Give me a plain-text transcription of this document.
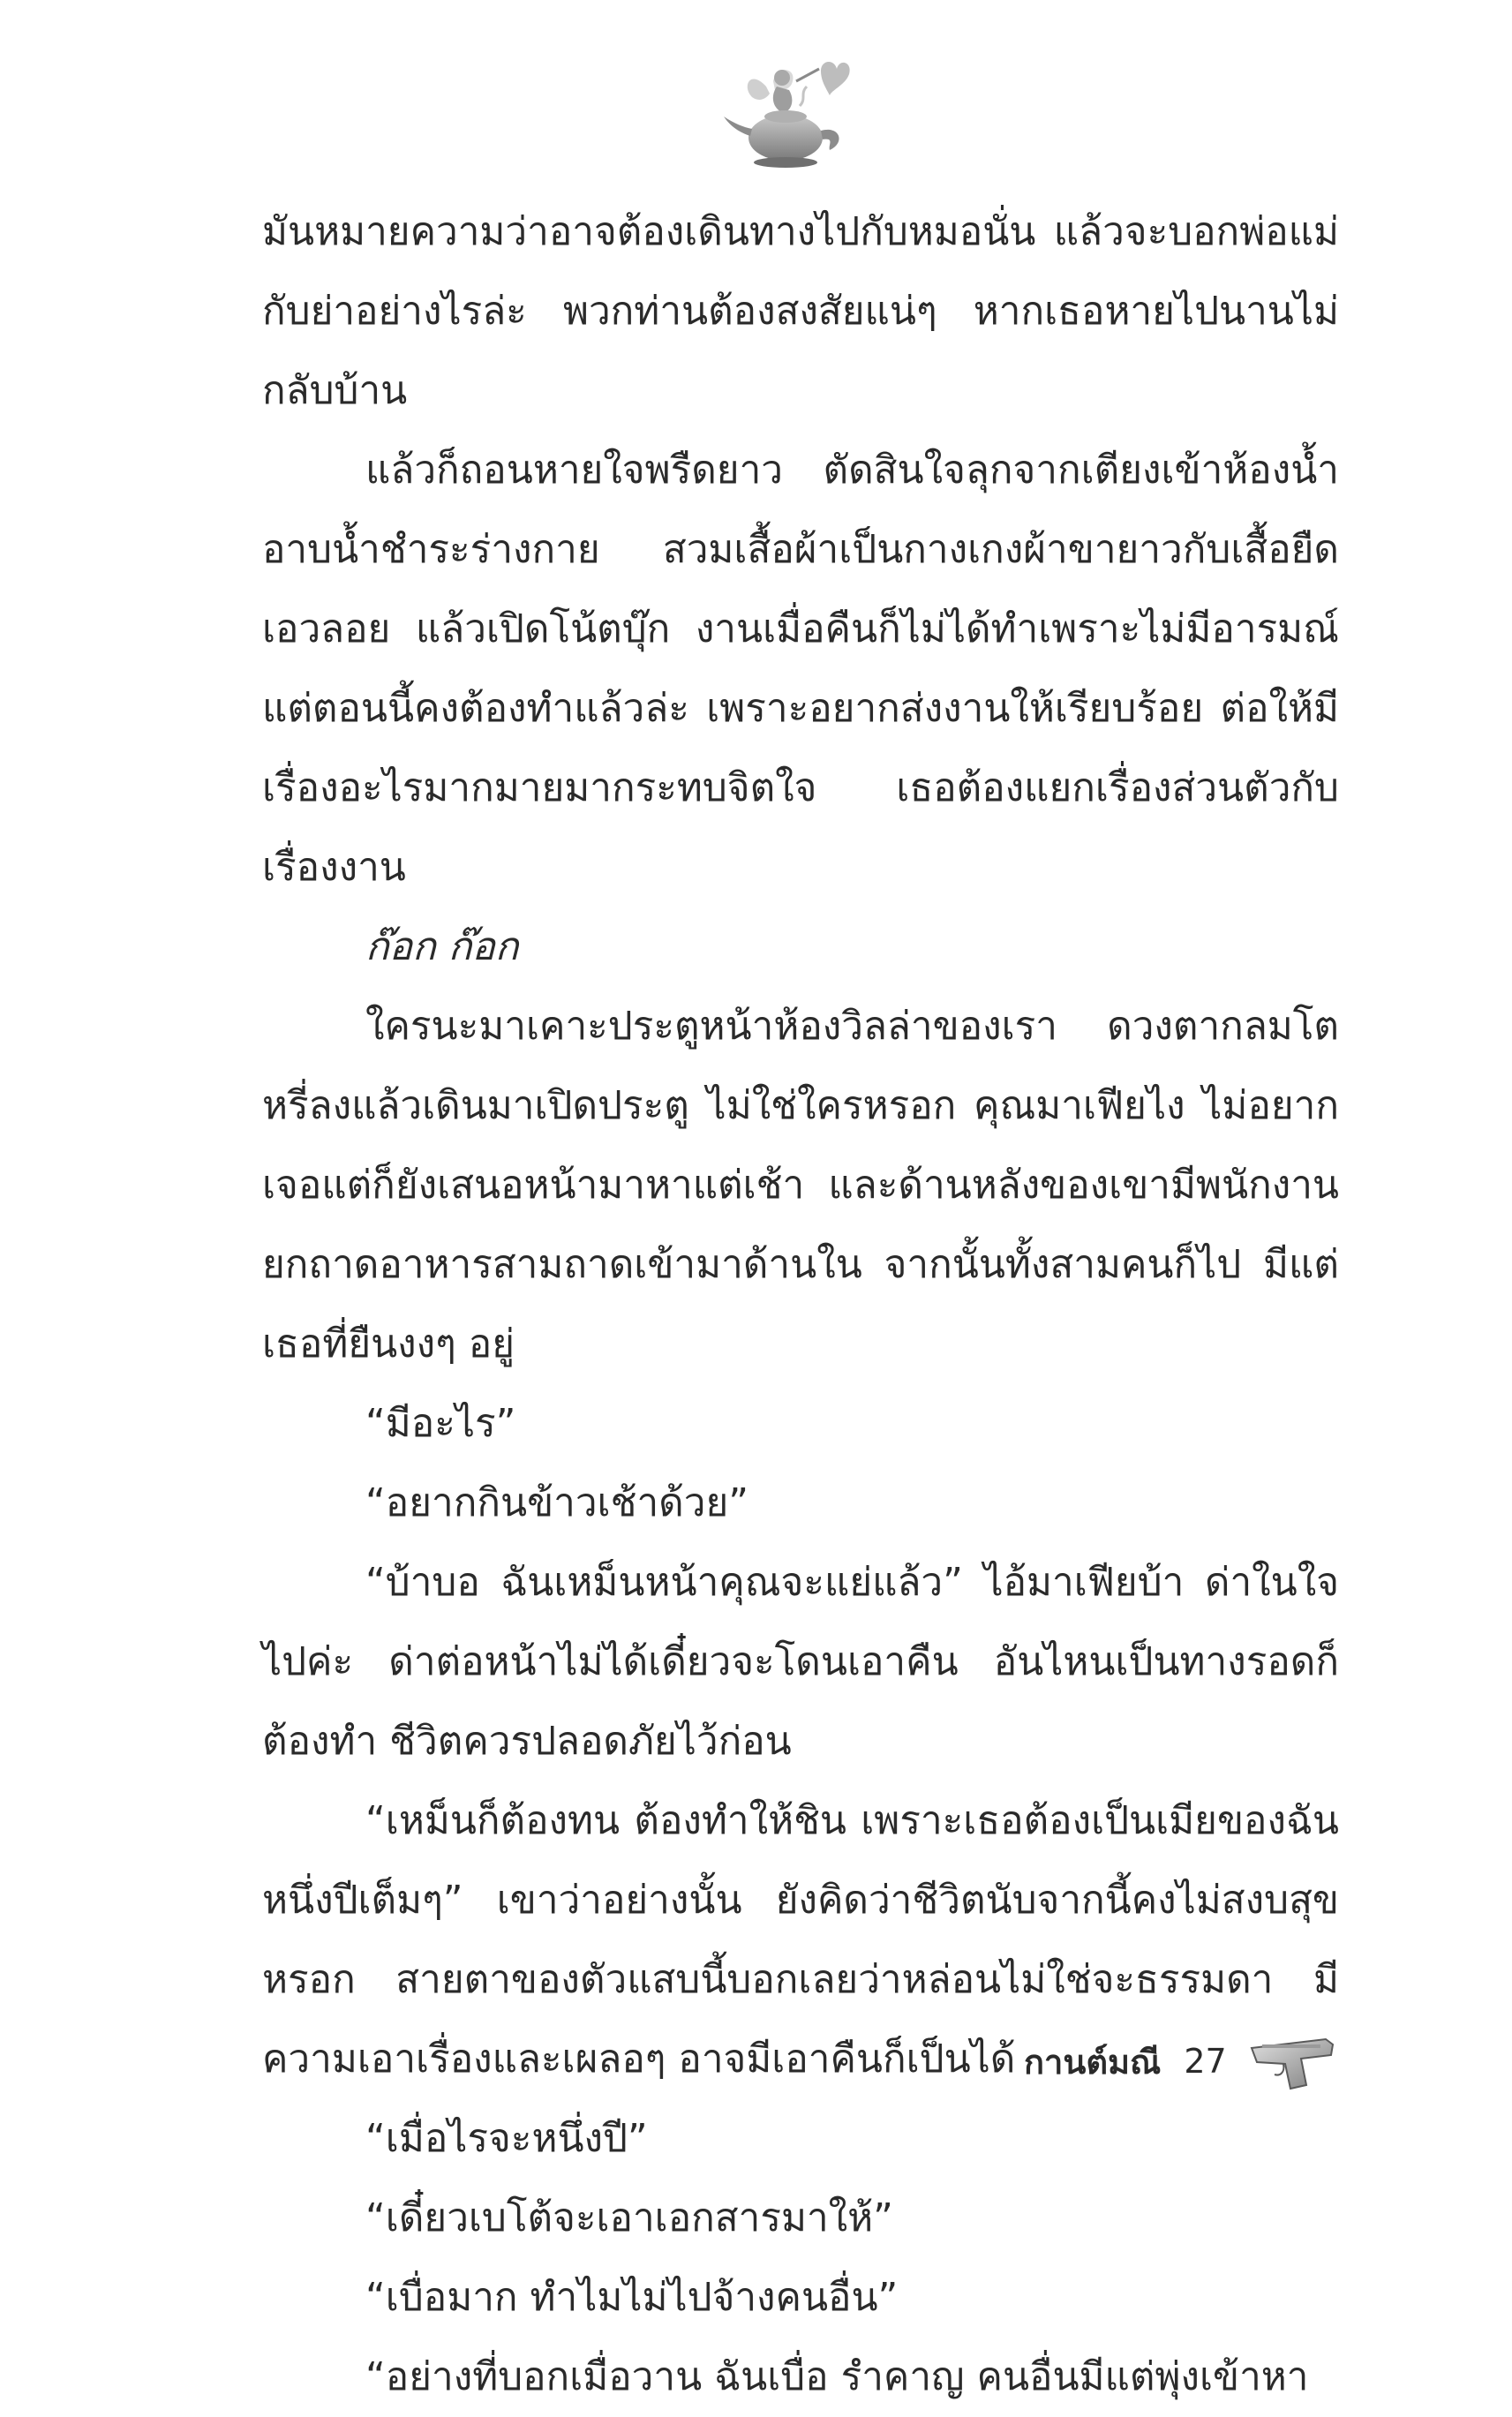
มันหมายความว่าอาจต้องเดินทางไปกับหมอนั่น แล้วจะบอกพ่อแม่กับย่าอย่างไรล่ะ พวกท่านต้องสงสัยแน่ๆ หากเธอหายไปนานไม่กลับบ้าน

แล้วก็ถอนหายใจพรืดยาว ตัดสินใจลุกจากเตียงเข้าห้องน้ำอาบน้ำชำระร่างกาย สวมเสื้อผ้าเป็นกางเกงผ้าขายาวกับเสื้อยืดเอวลอย แล้วเปิดโน้ตบุ๊ก งานเมื่อคืนก็ไม่ได้ทำเพราะไม่มีอารมณ์ แต่ตอนนี้คงต้องทำแล้วล่ะ เพราะอยากส่งงานให้เรียบร้อย ต่อให้มีเรื่องอะไรมากมายมากระทบจิตใจ เธอต้องแยกเรื่องส่วนตัวกับเรื่องงาน

ก๊อก ก๊อก

ใครนะมาเคาะประตูหน้าห้องวิลล่าของเรา ดวงตากลมโตหรี่ลงแล้วเดินมาเปิดประตู ไม่ใช่ใครหรอก คุณมาเฟียไง ไม่อยากเจอแต่ก็ยังเสนอหน้ามาหาแต่เช้า และด้านหลังของเขามีพนักงานยกถาดอาหารสามถาดเข้ามาด้านใน จากนั้นทั้งสามคนก็ไป มีแต่เธอที่ยืนงงๆ อยู่

“มีอะไร”

“อยากกินข้าวเช้าด้วย”

“บ้าบอ ฉันเหม็นหน้าคุณจะแย่แล้ว” ไอ้มาเฟียบ้า ด่าในใจไปค่ะ ด่าต่อหน้าไม่ได้เดี๋ยวจะโดนเอาคืน อันไหนเป็นทางรอดก็ต้องทำ ชีวิตควรปลอดภัยไว้ก่อน

“เหม็นก็ต้องทน ต้องทำให้ชิน เพราะเธอต้องเป็นเมียของฉันหนึ่งปีเต็มๆ” เขาว่าอย่างนั้น ยังคิดว่าชีวิตนับจากนี้คงไม่สงบสุขหรอก สายตาของตัวแสบนี้บอกเลยว่าหล่อนไม่ใช่จะธรรมดา มีความเอาเรื่องและเผลอๆ อาจมีเอาคืนก็เป็นได้

“เมื่อไรจะหนึ่งปี”

“เดี๋ยวเบโต้จะเอาเอกสารมาให้”

“เบื่อมาก ทำไมไม่ไปจ้างคนอื่น”

“อย่างที่บอกเมื่อวาน ฉันเบื่อ รำคาญ คนอื่นมีแต่พุ่งเข้าหา

กานต์มณี 27
